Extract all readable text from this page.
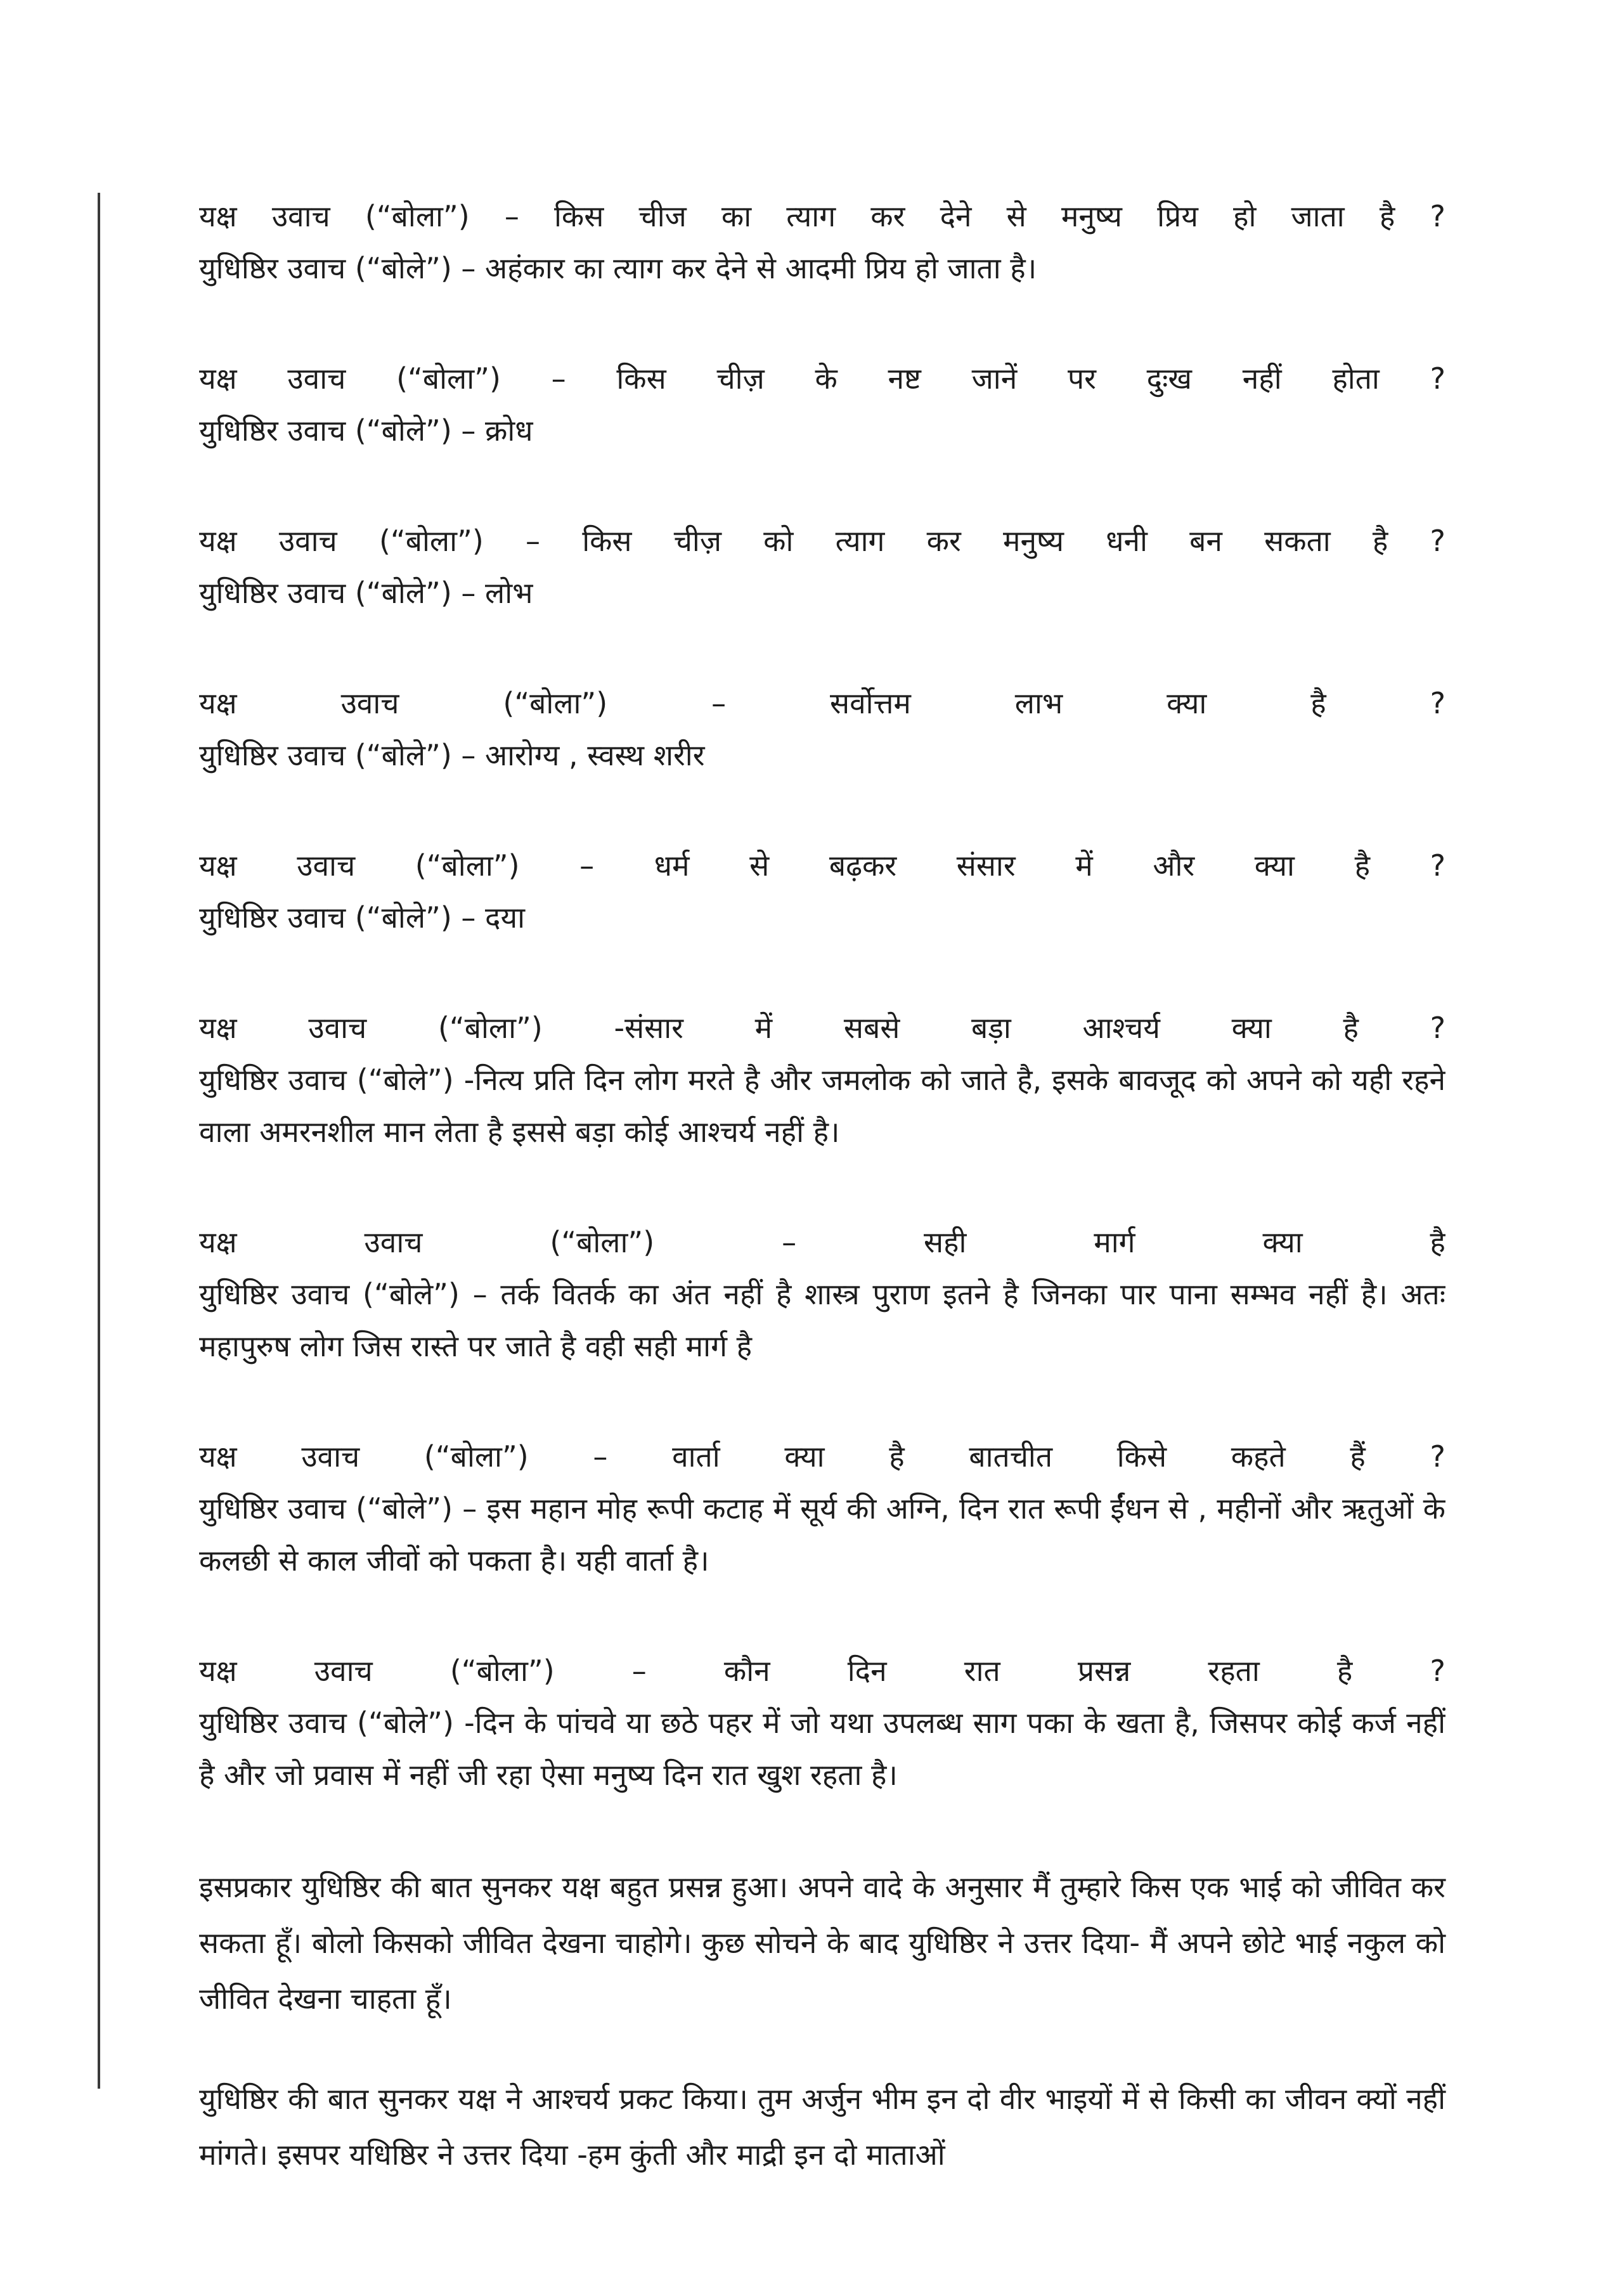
यक्ष उवाच (“बोला”) – किस चीज का त्याग कर देने से मनुष्य प्रिय हो जाता है ?
युधिष्ठिर उवाच (“बोले”) – अहंकार का त्याग कर देने से आदमी प्रिय हो जाता है।
यक्ष उवाच (“बोला”) – किस चीज़ के नष्ट जानें पर दुःख नहीं होता ?
युधिष्ठिर उवाच (“बोले”) – क्रोध
यक्ष उवाच (“बोला”) – किस चीज़ को त्याग कर मनुष्य धनी बन सकता है ?
युधिष्ठिर उवाच (“बोले”) – लोभ
यक्ष	उवाच	(“बोला”)	–	सर्वोत्तम	लाभ	क्या	है	?
युधिष्ठिर उवाच (“बोले”) – आरोग्य , स्वस्थ शरीर
यक्ष उवाच (“बोला”) – धर्म से बढ़कर संसार में और क्या है ?
युधिष्ठिर उवाच (“बोले”) – दया
यक्ष उवाच (“बोला”) -संसार में सबसे बड़ा आश्चर्य क्या है ?
युधिष्ठिर उवाच (“बोले”) -नित्य प्रति दिन लोग मरते है और जमलोक को जाते है, इसके बावजूद को अपने को यही रहने वाला अमरनशील मान लेता है इससे बड़ा कोई आश्चर्य नहीं है।
यक्ष	उवाच	(“बोला”)	–	सही	मार्ग	क्या	है
युधिष्ठिर उवाच (“बोले”) – तर्क वितर्क का अंत नहीं है शास्त्र पुराण इतने है जिनका पार पाना सम्भव नहीं है। अतः महापुरुष लोग जिस रास्ते पर जाते है वही सही मार्ग है
यक्ष उवाच (“बोला”) – वार्ता क्या है बातचीत किसे कहते हैं ?
युधिष्ठिर उवाच (“बोले”) – इस महान मोह रूपी कटाह में सूर्य की अग्नि, दिन रात रूपी ईंधन से , महीनों और ऋतुओं के कलछी से काल जीवों को पकता है। यही वार्ता है।
यक्ष	उवाच	(“बोला”)	–	कौन	दिन	रात	प्रसन्न	रहता	है	?
युधिष्ठिर उवाच (“बोले”) -दिन के पांचवे या छठे पहर में जो यथा उपलब्ध साग पका के खता है, जिसपर कोई कर्ज नहीं है और जो प्रवास में नहीं जी रहा ऐसा मनुष्य दिन रात खुश रहता है।
इसप्रकार युधिष्ठिर की बात सुनकर यक्ष बहुत प्रसन्न हुआ। अपने वादे के अनुसार मैं तुम्हारे किस एक भाई को जीवित कर सकता हूँ। बोलो किसको जीवित देखना चाहोगे। कुछ सोचने के बाद युधिष्ठिर ने उत्तर दिया- मैं अपने छोटे भाई नकुल को जीवित देखना चाहता हूँ।
युधिष्ठिर की बात सुनकर यक्ष ने आश्चर्य प्रकट किया। तुम अर्जुन भीम इन दो वीर भाइयों में से किसी का जीवन क्यों नहीं मांगते। इसपर यधिष्ठिर ने उत्तर दिया -हम कुंती और माद्री इन दो माताओं
